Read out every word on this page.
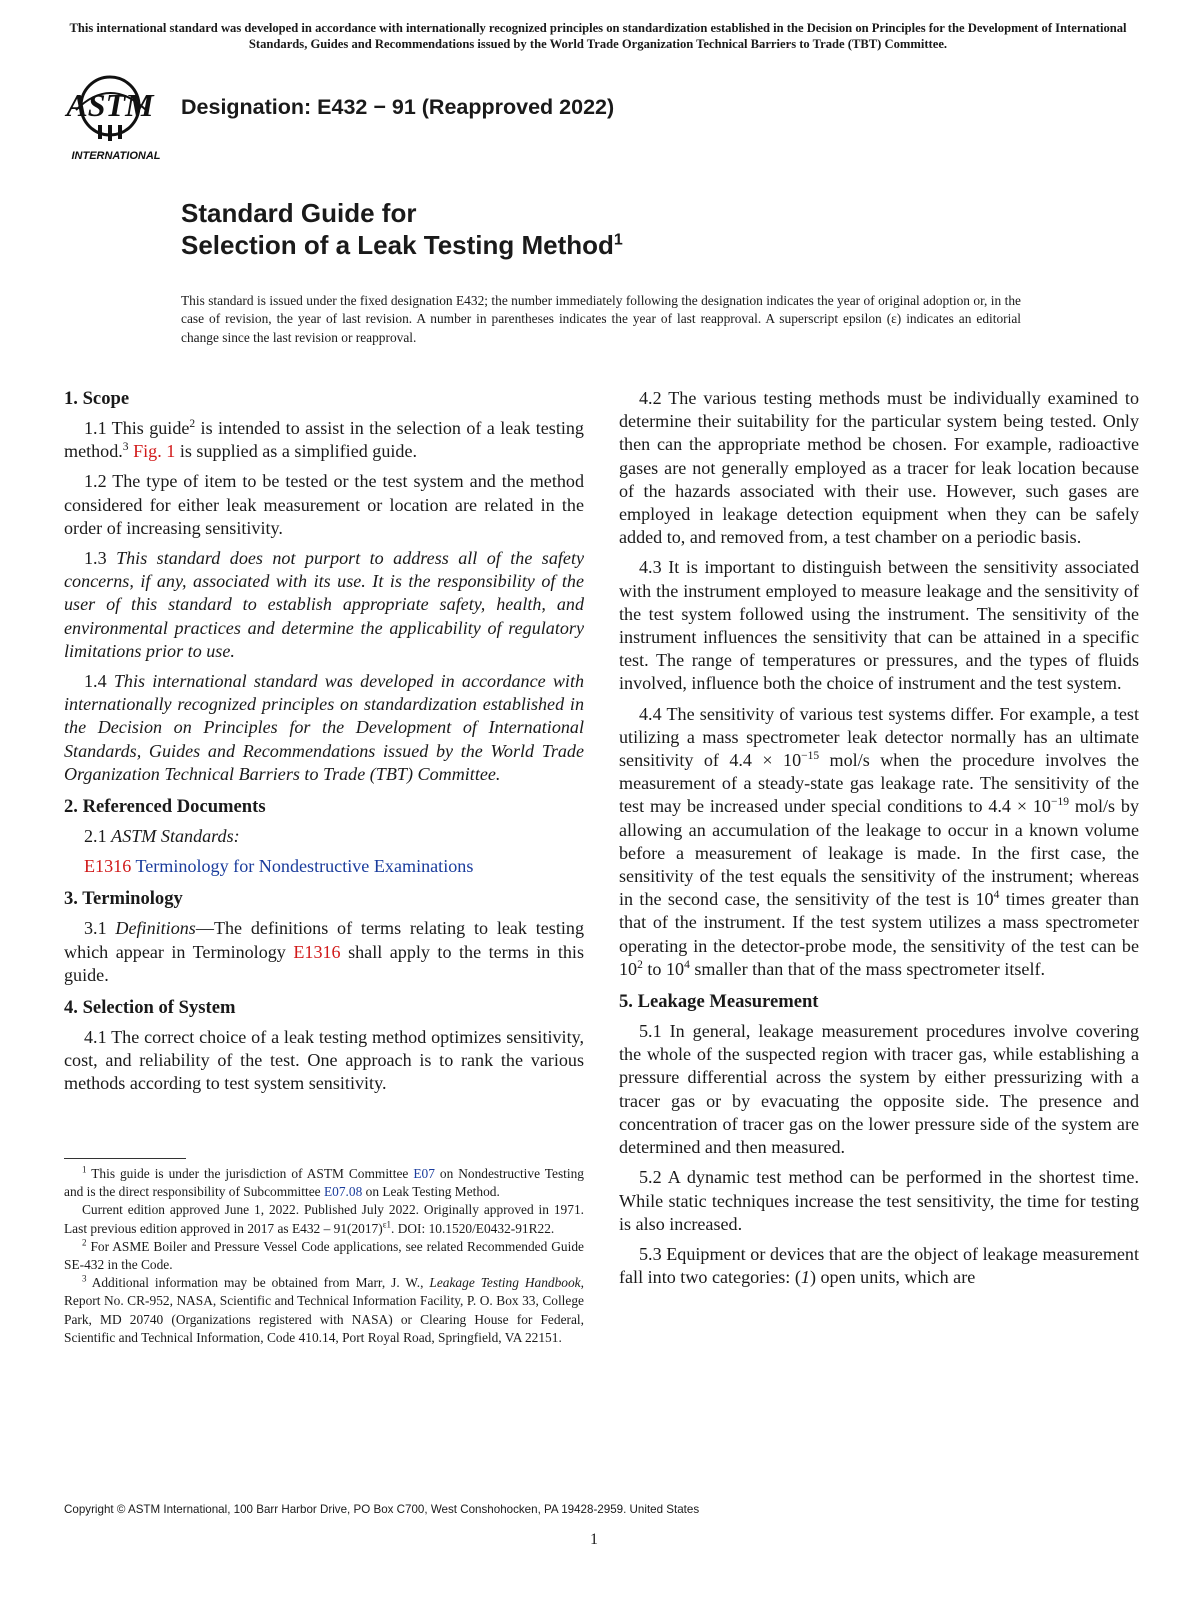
This international standard was developed in accordance with internationally recognized principles on standardization established in the Decision on Principles for the Development of International Standards, Guides and Recommendations issued by the World Trade Organization Technical Barriers to Trade (TBT) Committee.
ASTM
INTERNATIONAL
Designation: E432 − 91 (Reapproved 2022)
Standard Guide for
Selection of a Leak Testing Method$^1$
This standard is issued under the fixed designation E432; the number immediately following the designation indicates the year of original adoption or, in the case of revision, the year of last revision. A number in parentheses indicates the year of last reapproval. A superscript epsilon (ε) indicates an editorial change since the last revision or reapproval.
1. Scope

1.1 This guide$^2$ is intended to assist in the selection of a leak testing method.$^3$ Fig. 1 is supplied as a simplified guide.

1.2 The type of item to be tested or the test system and the method considered for either leak measurement or location are related in the order of increasing sensitivity.

1.3 This standard does not purport to address all of the safety concerns, if any, associated with its use. It is the responsibility of the user of this standard to establish appropriate safety, health, and environmental practices and determine the applicability of regulatory limitations prior to use.

1.4 This international standard was developed in accordance with internationally recognized principles on standardization established in the Decision on Principles for the Development of International Standards, Guides and Recommendations issued by the World Trade Organization Technical Barriers to Trade (TBT) Committee.

2. Referenced Documents

2.1 ASTM Standards:

E1316 Terminology for Nondestructive Examinations

3. Terminology

3.1 Definitions—The definitions of terms relating to leak testing which appear in Terminology E1316 shall apply to the terms in this guide.

4. Selection of System

4.1 The correct choice of a leak testing method optimizes sensitivity, cost, and reliability of the test. One approach is to rank the various methods according to test system sensitivity.

$^1$ This guide is under the jurisdiction of ASTM Committee E07 on Nondestructive Testing and is the direct responsibility of Subcommittee E07.08 on Leak Testing Method.

Current edition approved June 1, 2022. Published July 2022. Originally approved in 1971. Last previous edition approved in 2017 as $E432 - 91(2017)^{\varepsilon 1}$. DOI: 10.1520/E0432-91R22.

$^2$ For ASME Boiler and Pressure Vessel Code applications, see related Recommended Guide SE-432 in the Code.

$^3$ Additional information may be obtained from Marr, J. W., Leakage Testing Handbook, Report No. CR-952, NASA, Scientific and Technical Information Facility, P. O. Box 33, College Park, MD 20740 (Organizations registered with NASA) or Clearing House for Federal, Scientific and Technical Information, Code 410.14, Port Royal Road, Springfield, VA 22151.

4.2 The various testing methods must be individually examined to determine their suitability for the particular system being tested. Only then can the appropriate method be chosen. For example, radioactive gases are not generally employed as a tracer for leak location because of the hazards associated with their use. However, such gases are employed in leakage detection equipment when they can be safely added to, and removed from, a test chamber on a periodic basis.

4.3 It is important to distinguish between the sensitivity associated with the instrument employed to measure leakage and the sensitivity of the test system followed using the instrument. The sensitivity of the instrument influences the sensitivity that can be attained in a specific test. The range of temperatures or pressures, and the types of fluids involved, influence both the choice of instrument and the test system.

4.4 The sensitivity of various test systems differ. For example, a test utilizing a mass spectrometer leak detector normally has an ultimate sensitivity of $4.4 \times 10^{-15}$ mol/s when the procedure involves the measurement of a steady-state gas leakage rate. The sensitivity of the test may be increased under special conditions to $4.4 \times 10^{-19}$ mol/s by allowing an accumulation of the leakage to occur in a known volume before a measurement of leakage is made. In the first case, the sensitivity of the test equals the sensitivity of the instrument; whereas in the second case, the sensitivity of the test is $10^4$ times greater than that of the instrument. If the test system utilizes a mass spectrometer operating in the detector-probe mode, the sensitivity of the test can be $10^2$ to $10^4$ smaller than that of the mass spectrometer itself.

5. Leakage Measurement

5.1 In general, leakage measurement procedures involve covering the whole of the suspected region with tracer gas, while establishing a pressure differential across the system by either pressurizing with a tracer gas or by evacuating the opposite side. The presence and concentration of tracer gas on the lower pressure side of the system are determined and then measured.

5.2 A dynamic test method can be performed in the shortest time. While static techniques increase the test sensitivity, the time for testing is also increased.

5.3 Equipment or devices that are the object of leakage measurement fall into two categories: (1) open units, which are

Copyright © ASTM International, 100 Barr Harbor Drive, PO Box C700, West Conshohocken, PA 19428-2959. United States
1
